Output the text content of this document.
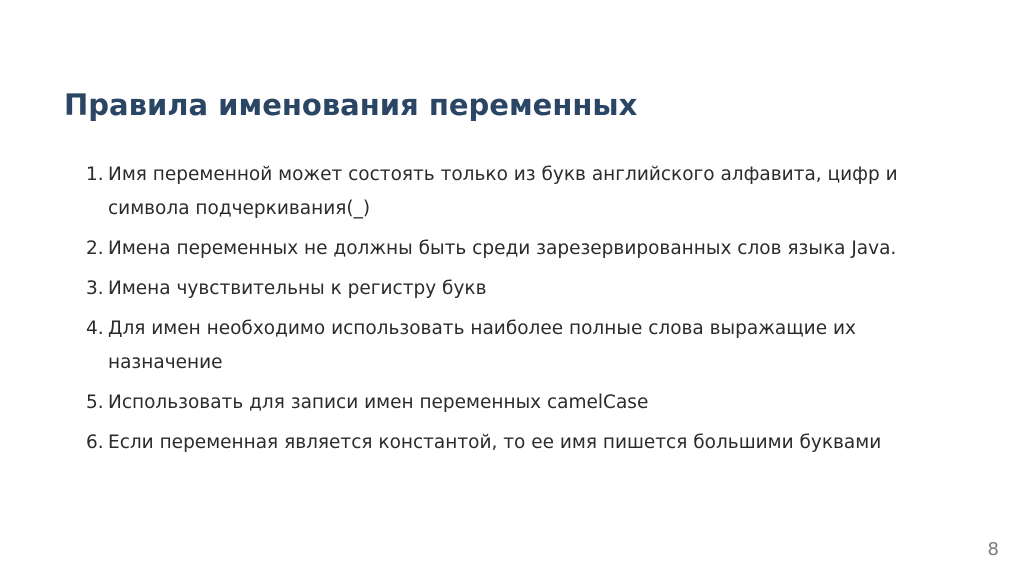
Правила именования переменных
1. Имя переменной может состоять только из букв английского алфавита, цифр и символа подчеркивания(_)
2. Имена переменных не должны быть среди зарезервированных слов языка Java.
3. Имена чувствительны к регистру букв
4. Для имен необходимо использовать наиболее полные слова выражащие их назначение
5. Использовать для записи имен переменных camelCase
6. Если переменная является константой, то ее имя пишется большими буквами
8
